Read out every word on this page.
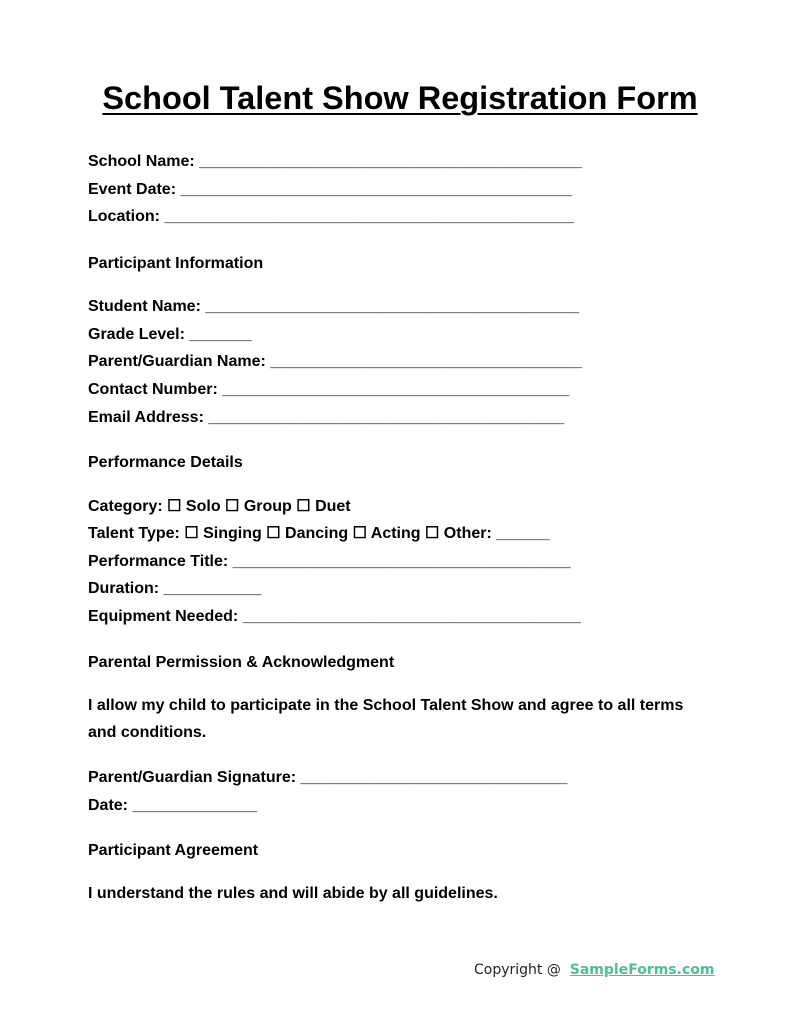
School Talent Show Registration Form
School Name: ___________________________________________
Event Date: ____________________________________________
Location: ______________________________________________
Participant Information
Student Name: __________________________________________
Grade Level: _______
Parent/Guardian Name: ___________________________________
Contact Number: _______________________________________
Email Address: ________________________________________
Performance Details
Category: ☐ Solo ☐ Group ☐ Duet
Talent Type: ☐ Singing ☐ Dancing ☐ Acting ☐ Other: ______
Performance Title: ______________________________________
Duration: ___________
Equipment Needed: ______________________________________
Parental Permission & Acknowledgment
I allow my child to participate in the School Talent Show and agree to all terms and conditions.
Parent/Guardian Signature: ______________________________
Date: ______________
Participant Agreement
I understand the rules and will abide by all guidelines.
Copyright @  SampleForms.com
